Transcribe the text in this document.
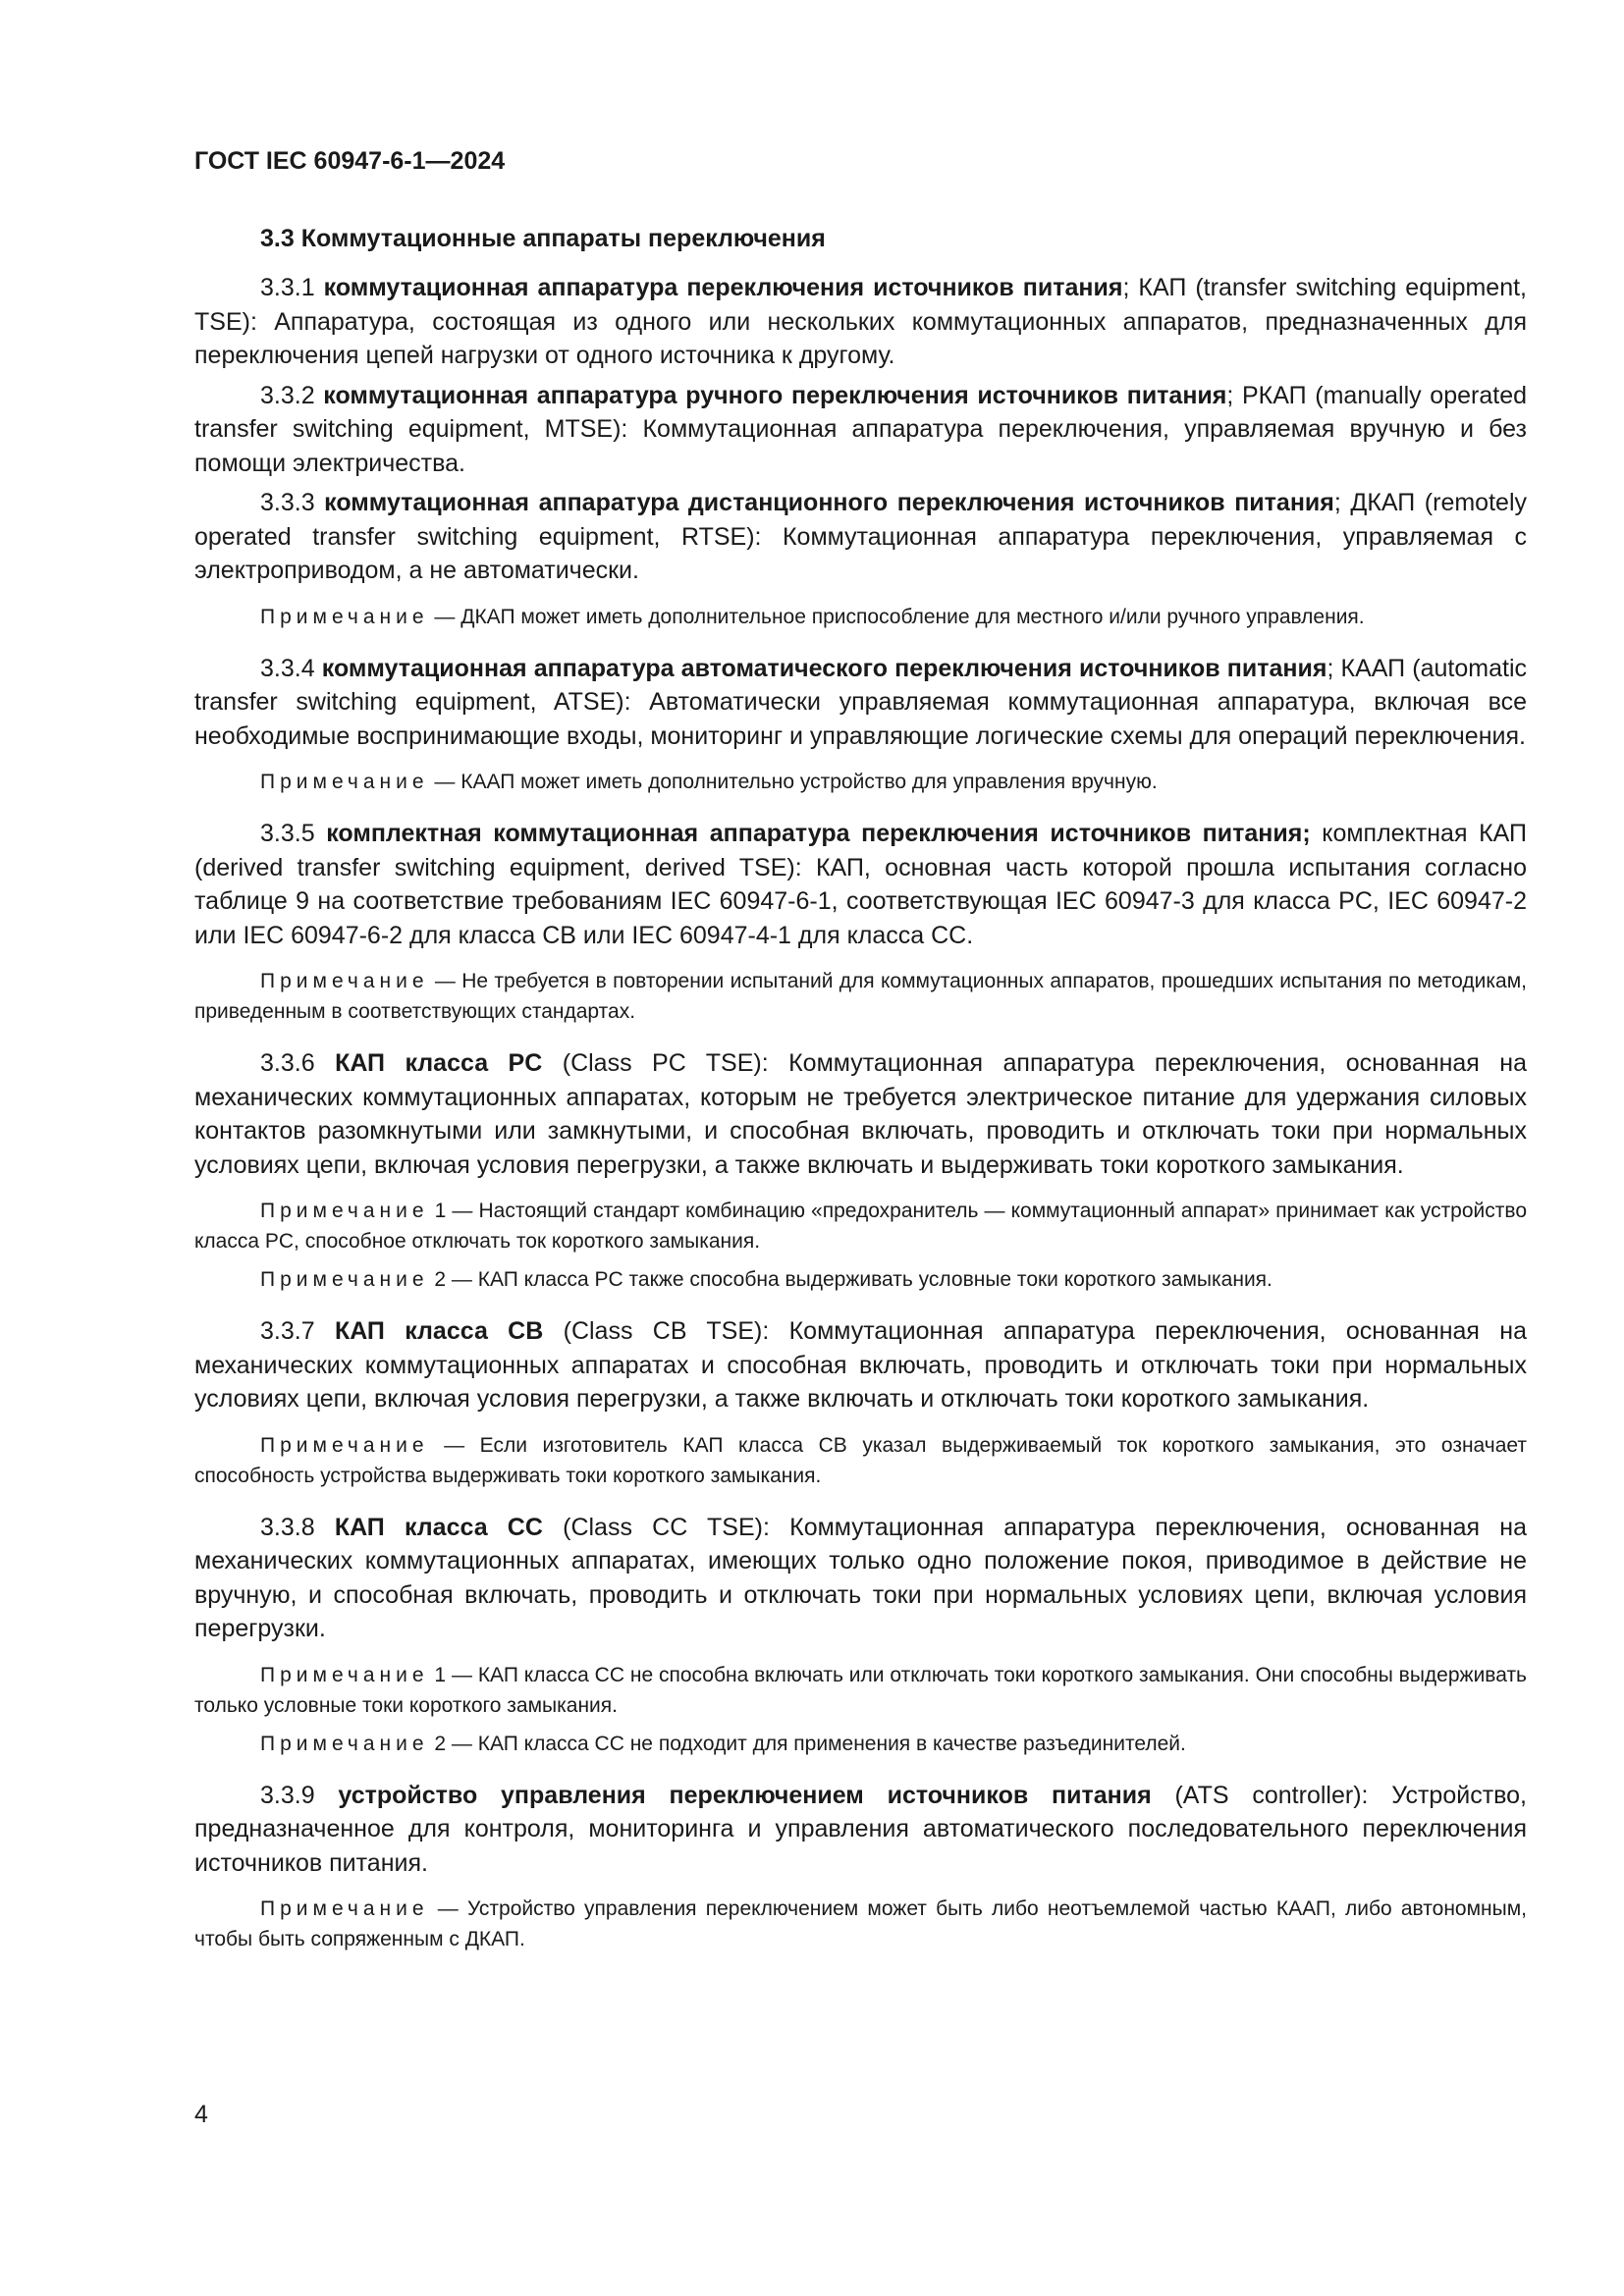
ГОСТ IEC 60947-6-1—2024
3.3 Коммутационные аппараты переключения

3.3.1 коммутационная аппаратура переключения источников питания; КАП (transfer switching equipment, TSE): Аппаратура, состоящая из одного или нескольких коммутационных аппаратов, предназначенных для переключения цепей нагрузки от одного источника к другому.

3.3.2 коммутационная аппаратура ручного переключения источников питания; РКАП (manually operated transfer switching equipment, MTSE): Коммутационная аппаратура переключения, управляемая вручную и без помощи электричества.

3.3.3 коммутационная аппаратура дистанционного переключения источников питания; ДКАП (remotely operated transfer switching equipment, RTSE): Коммутационная аппаратура переключения, управляемая с электроприводом, а не автоматически.

Примечание — ДКАП может иметь дополнительное приспособление для местного и/или ручного управления.

3.3.4 коммутационная аппаратура автоматического переключения источников питания; КААП (automatic transfer switching equipment, ATSE): Автоматически управляемая коммутационная аппаратура, включая все необходимые воспринимающие входы, мониторинг и управляющие логические схемы для операций переключения.

Примечание — КААП может иметь дополнительно устройство для управления вручную.

3.3.5 комплектная коммутационная аппаратура переключения источников питания; комплектная КАП (derived transfer switching equipment, derived TSE): КАП, основная часть которой прошла испытания согласно таблице 9 на соответствие требованиям IEC 60947-6-1, соответствующая IEC 60947-3 для класса PC, IEC 60947-2 или IEC 60947-6-2 для класса CB или IEC 60947-4-1 для класса СС.

Примечание — Не требуется в повторении испытаний для коммутационных аппаратов, прошедших испытания по методикам, приведенным в соответствующих стандартах.

3.3.6 КАП класса PC (Class PC TSE): Коммутационная аппаратура переключения, основанная на механических коммутационных аппаратах, которым не требуется электрическое питание для удержания силовых контактов разомкнутыми или замкнутыми, и способная включать, проводить и отключать токи при нормальных условиях цепи, включая условия перегрузки, а также включать и выдерживать токи короткого замыкания.

Примечание 1 — Настоящий стандарт комбинацию «предохранитель — коммутационный аппарат» принимает как устройство класса PC, способное отключать ток короткого замыкания.

Примечание 2 — КАП класса PC также способна выдерживать условные токи короткого замыкания.

3.3.7 КАП класса CB (Class CB TSE): Коммутационная аппаратура переключения, основанная на механических коммутационных аппаратах и способная включать, проводить и отключать токи при нормальных условиях цепи, включая условия перегрузки, а также включать и отключать токи короткого замыкания.

Примечание — Если изготовитель КАП класса CB указал выдерживаемый ток короткого замыкания, это означает способность устройства выдерживать токи короткого замыкания.

3.3.8 КАП класса СС (Class CC TSE): Коммутационная аппаратура переключения, основанная на механических коммутационных аппаратах, имеющих только одно положение покоя, приводимое в действие не вручную, и способная включать, проводить и отключать токи при нормальных условиях цепи, включая условия перегрузки.

Примечание 1 — КАП класса СС не способна включать или отключать токи короткого замыкания. Они способны выдерживать только условные токи короткого замыкания.

Примечание 2 — КАП класса СС не подходит для применения в качестве разъединителей.

3.3.9 устройство управления переключением источников питания (ATS controller): Устройство, предназначенное для контроля, мониторинга и управления автоматического последовательного переключения источников питания.

Примечание — Устройство управления переключением может быть либо неотъемлемой частью КААП, либо автономным, чтобы быть сопряженным с ДКАП.

4
